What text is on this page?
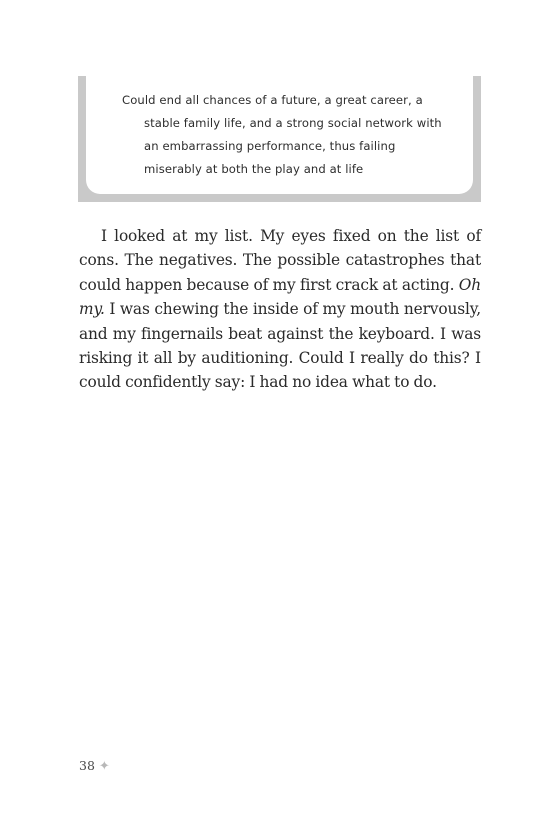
Could end all chances of a future, a great career, a stable family life, and a strong social network with an embarrassing performance, thus failing miserably at both the play and at life

I looked at my list. My eyes fixed on the list of cons. The negatives. The possible catastrophes that could happen because of my first crack at acting. Oh my. I was chewing the inside of my mouth nervously, and my fingernails beat against the keyboard. I was risking it all by auditioning. Could I really do this? I could confidently say: I had no idea what to do.

38 ✦
